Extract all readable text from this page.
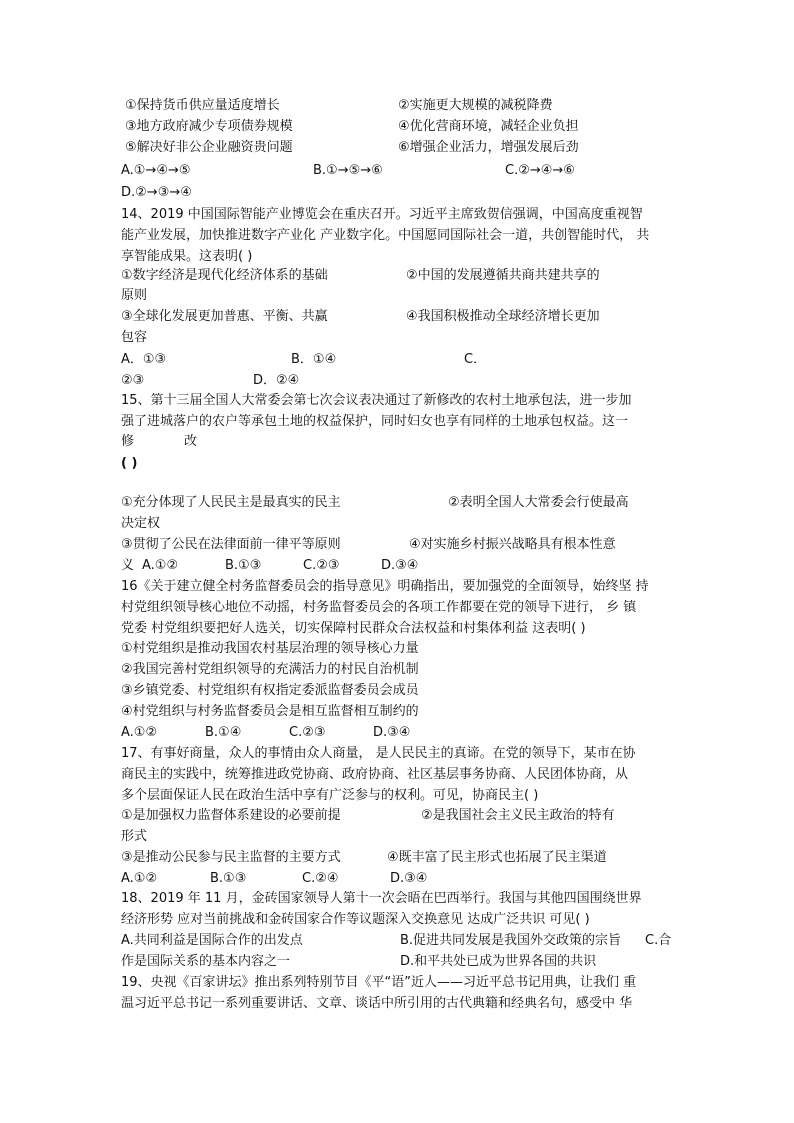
①保持货币供应量适度增长	②实施更大规模的减税降费
③地方政府减少专项债券规模	④优化营商环境，减轻企业负担
⑤解决好非公企业融资贵问题	⑥增强企业活力，增强发展后劲
A.①→④→⑤	B.①→⑤→⑥	C.②→④→⑥
D.②→③→④
14、2019 中国国际智能产业博览会在重庆召开。习近平主席致贺信强调，中国高度重视智
能产业发展，加快推进数字产业化 产业数字化。中国愿同国际社会一道，共创智能时代， 共
享智能成果。这表明( )
①数字经济是现代化经济体系的基础	②中国的发展遵循共商共建共享的
原则
③全球化发展更加普惠、平衡、共赢	④我国积极推动全球经济增长更加
包容
A．①③	B．①④	C．
②③	D．②④
15、第十三届全国人大常委会第七次会议表决通过了新修改的农村土地承包法，进一步加
强了进城落户的农户等承包土地的权益保护，同时妇女也享有同样的土地承包权益。这一
修	改
( )
①充分体现了人民民主是最真实的民主	②表明全国人大常委会行使最高
决定权
③贯彻了公民在法律面前一律平等原则	④对实施乡村振兴战略具有根本性意
义 A.①②	B.①③	C.②③	D.③④
16《关于建立健全村务监督委员会的指导意见》明确指出，要加强党的全面领导，始终坚 持
村党组织领导核心地位不动摇，村务监督委员会的各项工作都要在党的领导下进行， 乡 镇
党委 村党组织要把好人选关，切实保障村民群众合法权益和村集体利益 这表明( )
①村党组织是推动我国农村基层治理的领导核心力量
②我国完善村党组织领导的充满活力的村民自治机制
③乡镇党委、村党组织有权指定委派监督委员会成员
④村党组织与村务监督委员会是相互监督相互制约的
A.①②	B.①④	C.②③	D.③④
17、有事好商量，众人的事情由众人商量， 是人民民主的真谛。在党的领导下，某市在协
商民主的实践中，统筹推进政党协商、政府协商、社区基层事务协商、人民团体协商，从
多个层面保证人民在政治生活中享有广泛参与的权利。可见，协商民主( )
①是加强权力监督体系建设的必要前提	②是我国社会主义民主政治的特有
形式
③是推动公民参与民主监督的主要方式	④既丰富了民主形式也拓展了民主渠道
A.①②	B.①③	C.②④	D.③④
18、2019 年 11 月，金砖国家领导人第十一次会晤在巴西举行。我国与其他四国围绕世界
经济形势 应对当前挑战和金砖国家合作等议题深入交换意见 达成广泛共识 可见( )
A.共同利益是国际合作的出发点	B.促进共同发展是我国外交政策的宗旨 C.合
作是国际关系的基本内容之一	D.和平共处已成为世界各国的共识
19、央视《百家讲坛》推出系列特别节目《平“语”近人——习近平总书记用典，让我们 重
温习近平总书记一系列重要讲话、文章、谈话中所引用的古代典籍和经典名句，感受中 华
